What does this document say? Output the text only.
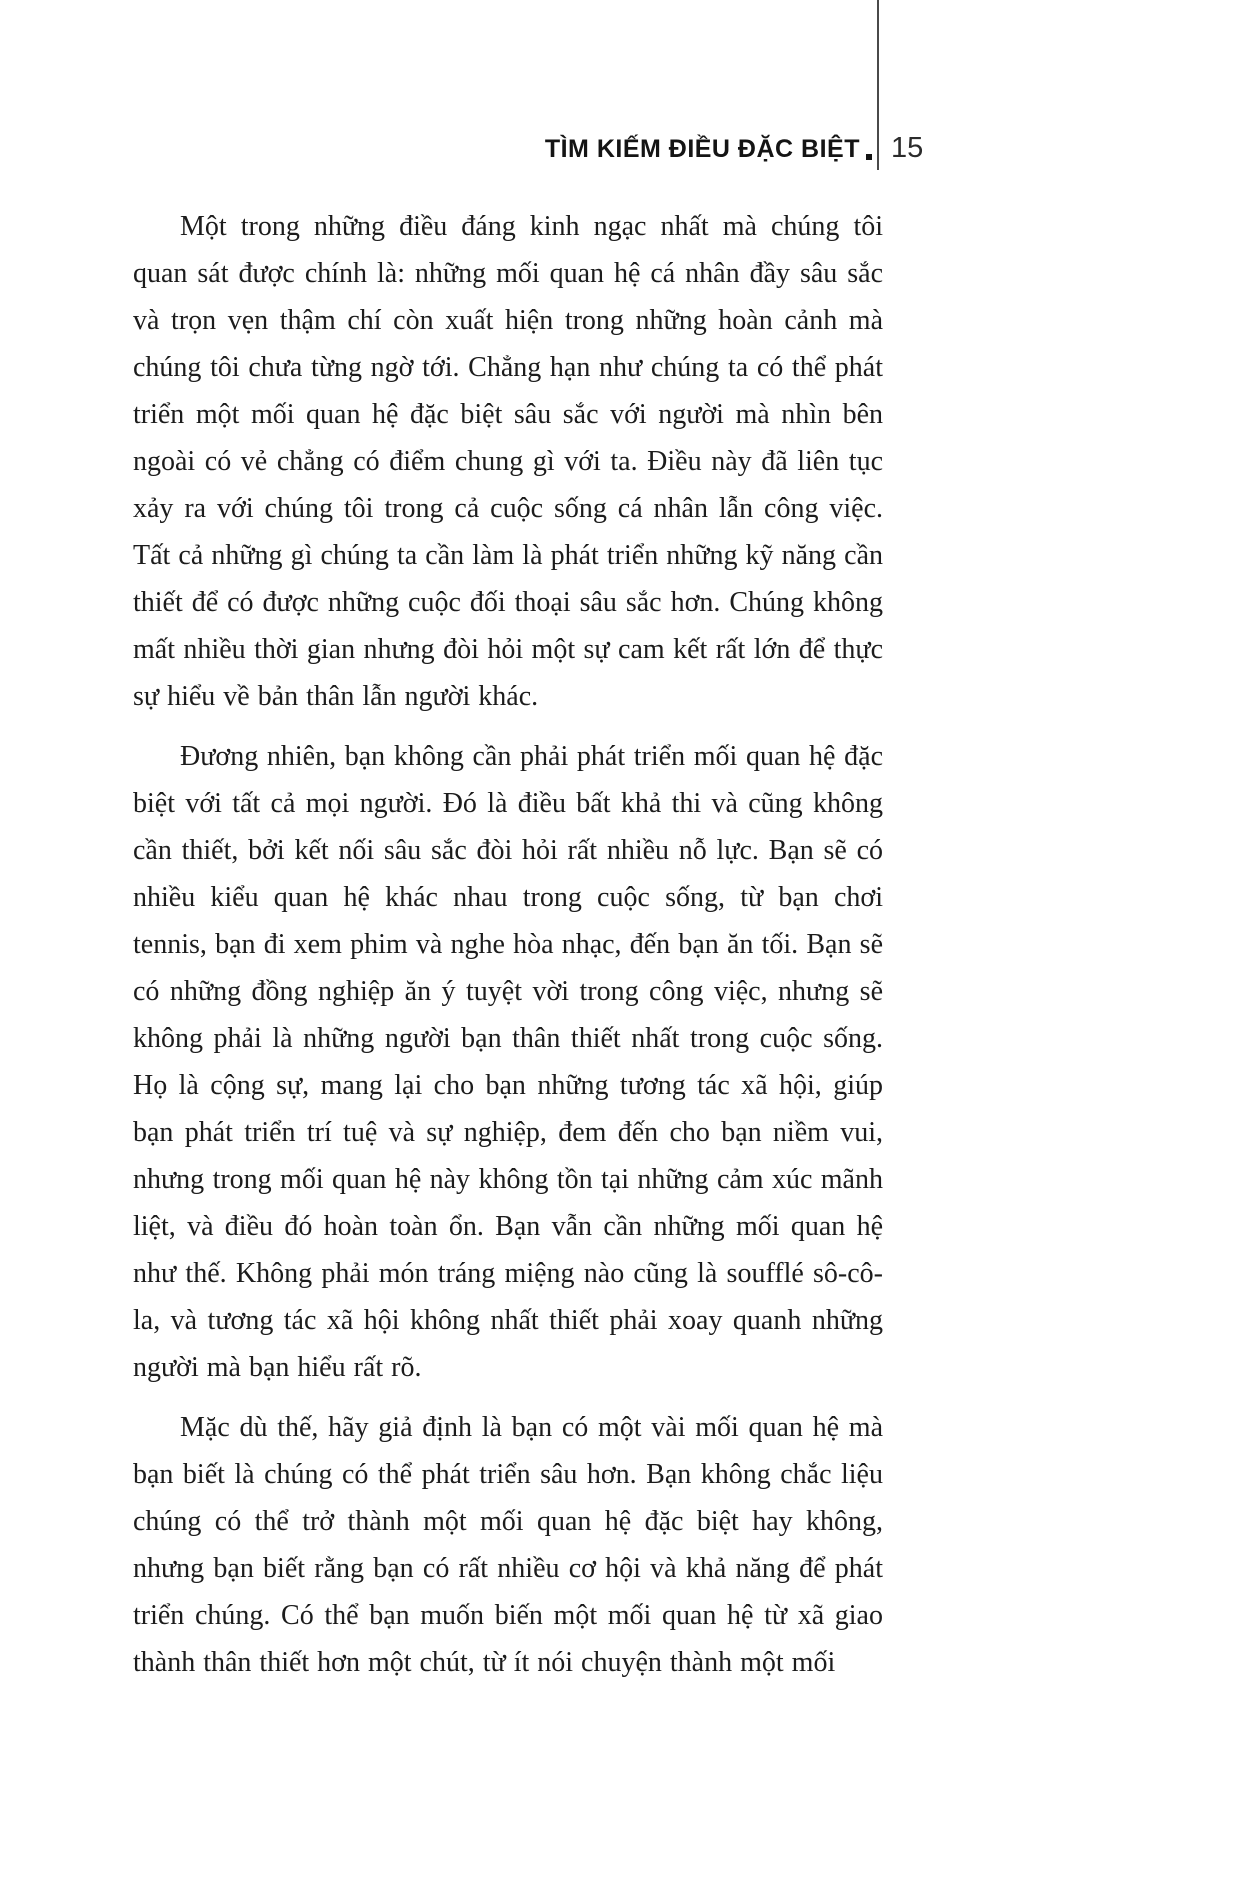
TÌM KIẾM ĐIỀU ĐẶC BIỆT 15

Một trong những điều đáng kinh ngạc nhất mà chúng tôi quan sát được chính là: những mối quan hệ cá nhân đầy sâu sắc và trọn vẹn thậm chí còn xuất hiện trong những hoàn cảnh mà chúng tôi chưa từng ngờ tới. Chẳng hạn như chúng ta có thể phát triển một mối quan hệ đặc biệt sâu sắc với người mà nhìn bên ngoài có vẻ chẳng có điểm chung gì với ta. Điều này đã liên tục xảy ra với chúng tôi trong cả cuộc sống cá nhân lẫn công việc. Tất cả những gì chúng ta cần làm là phát triển những kỹ năng cần thiết để có được những cuộc đối thoại sâu sắc hơn. Chúng không mất nhiều thời gian nhưng đòi hỏi một sự cam kết rất lớn để thực sự hiểu về bản thân lẫn người khác.

Đương nhiên, bạn không cần phải phát triển mối quan hệ đặc biệt với tất cả mọi người. Đó là điều bất khả thi và cũng không cần thiết, bởi kết nối sâu sắc đòi hỏi rất nhiều nỗ lực. Bạn sẽ có nhiều kiểu quan hệ khác nhau trong cuộc sống, từ bạn chơi tennis, bạn đi xem phim và nghe hòa nhạc, đến bạn ăn tối. Bạn sẽ có những đồng nghiệp ăn ý tuyệt vời trong công việc, nhưng sẽ không phải là những người bạn thân thiết nhất trong cuộc sống. Họ là cộng sự, mang lại cho bạn những tương tác xã hội, giúp bạn phát triển trí tuệ và sự nghiệp, đem đến cho bạn niềm vui, nhưng trong mối quan hệ này không tồn tại những cảm xúc mãnh liệt, và điều đó hoàn toàn ổn. Bạn vẫn cần những mối quan hệ như thế. Không phải món tráng miệng nào cũng là soufflé sô-cô-la, và tương tác xã hội không nhất thiết phải xoay quanh những người mà bạn hiểu rất rõ.

Mặc dù thế, hãy giả định là bạn có một vài mối quan hệ mà bạn biết là chúng có thể phát triển sâu hơn. Bạn không chắc liệu chúng có thể trở thành một mối quan hệ đặc biệt hay không, nhưng bạn biết rằng bạn có rất nhiều cơ hội và khả năng để phát triển chúng. Có thể bạn muốn biến một mối quan hệ từ xã giao thành thân thiết hơn một chút, từ ít nói chuyện thành một mối
